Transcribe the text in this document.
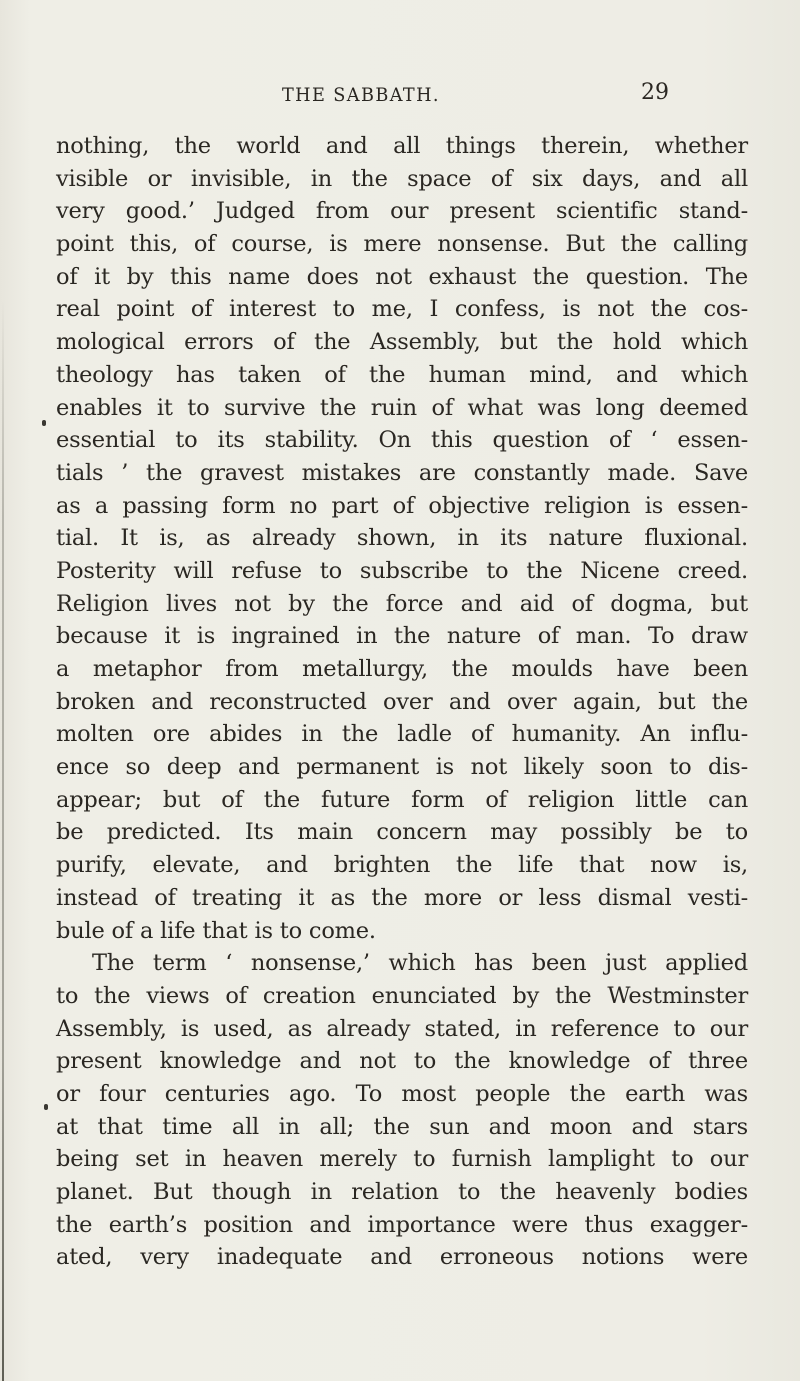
THE SABBATH.	29
nothing, the world and all things therein, whether
visible or invisible, in the space of six days, and all
very good.’ Judged from our present scientific stand-
point this, of course, is mere nonsense. But the calling
of it by this name does not exhaust the question. The
real point of interest to me, I confess, is not the cos-
mological errors of the Assembly, but the hold which
theology has taken of the human mind, and which
enables it to survive the ruin of what was long deemed
essential to its stability. On this question of ‘ essen-
tials ’ the gravest mistakes are constantly made. Save
as a passing form no part of objective religion is essen-
tial. It is, as already shown, in its nature fluxional.
Posterity will refuse to subscribe to the Nicene creed.
Religion lives not by the force and aid of dogma, but
because it is ingrained in the nature of man. To draw
a metaphor from metallurgy, the moulds have been
broken and reconstructed over and over again, but the
molten ore abides in the ladle of humanity. An influ-
ence so deep and permanent is not likely soon to dis-
appear; but of the future form of religion little can
be predicted. Its main concern may possibly be to
purify, elevate, and brighten the life that now is,
instead of treating it as the more or less dismal vesti-
bule of a life that is to come.
The term ‘ nonsense,’ which has been just applied
to the views of creation enunciated by the Westminster
Assembly, is used, as already stated, in reference to our
present knowledge and not to the knowledge of three
or four centuries ago. To most people the earth was
at that time all in all; the sun and moon and stars
being set in heaven merely to furnish lamplight to our
planet. But though in relation to the heavenly bodies
the earth’s position and importance were thus exagger-
ated, very inadequate and erroneous notions were
